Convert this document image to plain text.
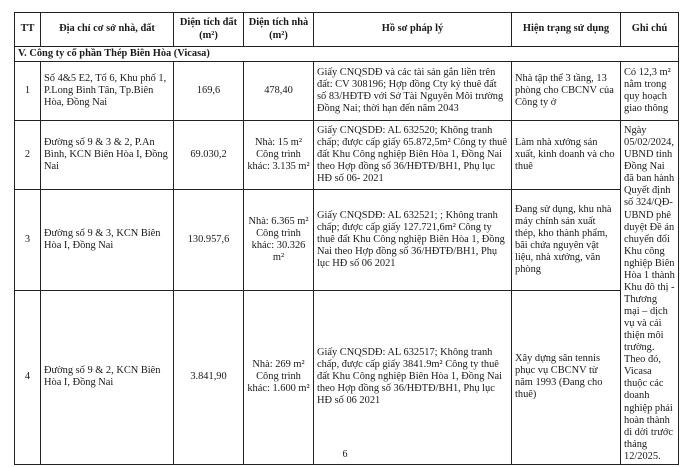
TT	Địa chỉ cơ sở nhà, đất	Diện tích đất (m²)	Diện tích nhà (m²)	Hồ sơ pháp lý	Hiện trạng sử dụng	Ghi chú
V. Công ty cổ phần Thép Biên Hòa (Vicasa)						
1	Số 4&5 E2, Tổ 6, Khu phố 1, P.Long Bình Tân, Tp.Biên Hòa, Đồng Nai	169,6	478,40	Giấy CNQSDĐ và các tài sản gắn liền trên đất: CV 308196; Hợp đồng Cty ký thuê đất số 83/HĐTĐ với Sở Tài Nguyên Môi trường Đồng Nai; thời hạn đến năm 2043	Nhà tập thể 3 tầng, 13 phòng cho CBCNV của Công ty ở	Có 12,3 m² nằm trong quy hoạch giao thông
2	Đường số 9 & 3 & 2, P.An Bình, KCN Biên Hòa I, Đồng Nai	69.030,2	Nhà: 15 m²
Công trình khác: 3.135 m²	Giấy CNQSDĐ: AL 632520; Không tranh chấp; được cấp giấy 65.872,5m² Công ty thuê đất Khu Công nghiệp Biên Hòa 1, Đồng Nai theo Hợp đồng số 36/HĐTĐ/BH1, Phụ lục HĐ số 06- 2021	Làm nhà xưởng sản xuất, kinh doanh và cho thuê	Ngày 05/02/2024, UBND tỉnh Đồng Nai đã ban hành Quyết định số 324/QĐ-UBND phê duyệt Đề án chuyển đổi Khu công nghiệp Biên Hòa 1 thành Khu đô thị - Thương mại – dịch vụ và cải thiện môi trường. Theo đó, Vicasa thuộc các doanh nghiệp phải hoàn thành di dời trước tháng 12/2025.
3	Đường số 9 & 3, KCN Biên Hòa I, Đồng Nai	130.957,6	Nhà: 6.365 m²
Công trình khác: 30.326 m²	Giấy CNQSDĐ: AL 632521; ; Không tranh chấp; được cấp giấy 127.721,6m² Công ty thuê đất Khu Công nghiệp Biên Hòa 1, Đồng Nai theo Hợp đồng số 36/HĐTĐ/BH1, Phụ lục HĐ số 06 2021	Đang sử dụng, khu nhà máy chính sản xuất thép, kho thành phẩm, bãi chứa nguyên vật liệu, nhà xưởng, văn phòng	
4	Đường số 9 & 2, KCN Biên Hòa I, Đồng Nai	3.841,90	Nhà: 269 m²
Công trình khác: 1.600 m²	Giấy CNQSDĐ: AL 632517; Không tranh chấp, được cấp giấy 3841.9m² Công ty thuê đất Khu Công nghiệp Biên Hòa 1, Đồng Nai theo Hợp đồng số 36/HĐTĐ/BH1, Phụ lục HĐ số 06 2021	Xây dựng sân tennis phục vụ CBCNV từ năm 1993 (Đang cho thuê)	
6
